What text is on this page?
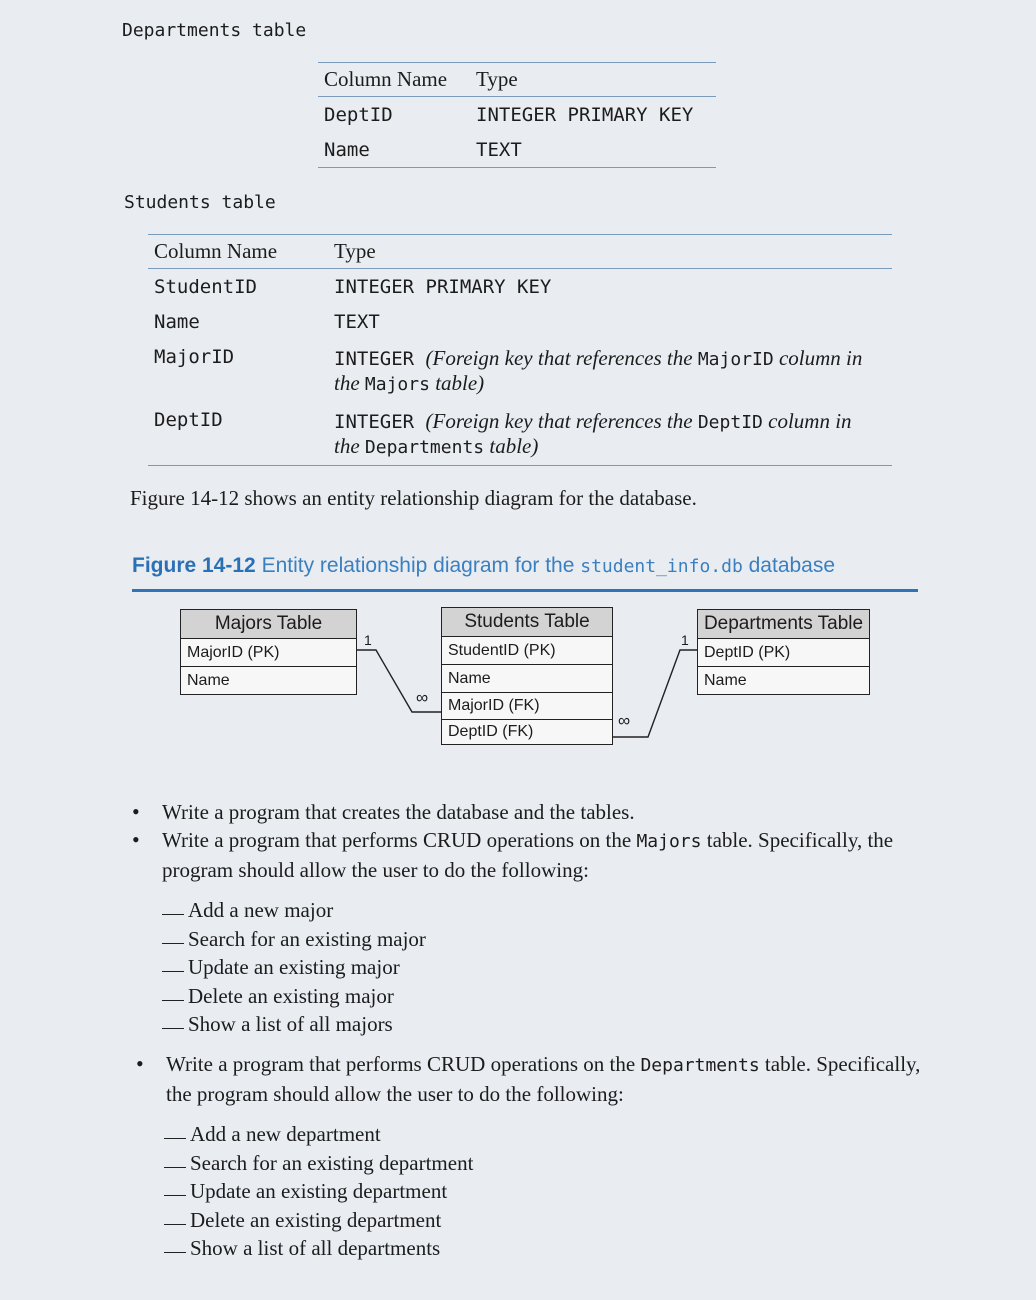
Departments table
Column Name	Type
DeptID	INTEGER PRIMARY KEY
Name	TEXT
Students table
Column Name	Type
StudentID	INTEGER PRIMARY KEY
Name	TEXT
MajorID	INTEGER (Foreign key that references the MajorID column in
the Majors table)
DeptID	INTEGER (Foreign key that references the DeptID column in
the Departments table)
Figure 14-12 shows an entity relationship diagram for the database.
Figure 14-12 Entity relationship diagram for the student_info.db database
Majors Table
MajorID (PK)
Name
Students Table
StudentID (PK)
Name
MajorID (FK)
DeptID (FK)
Departments Table
DeptID (PK)
Name
1
∞
∞
1
• Write a program that creates the database and the tables.
• Write a program that performs CRUD operations on the Majors table. Specifically, the
program should allow the user to do the following:
Add a new major
Search for an existing major
Update an existing major
Delete an existing major
Show a list of all majors
• Write a program that performs CRUD operations on the Departments table. Specifically,
the program should allow the user to do the following:
Add a new department
Search for an existing department
Update an existing department
Delete an existing department
Show a list of all departments
